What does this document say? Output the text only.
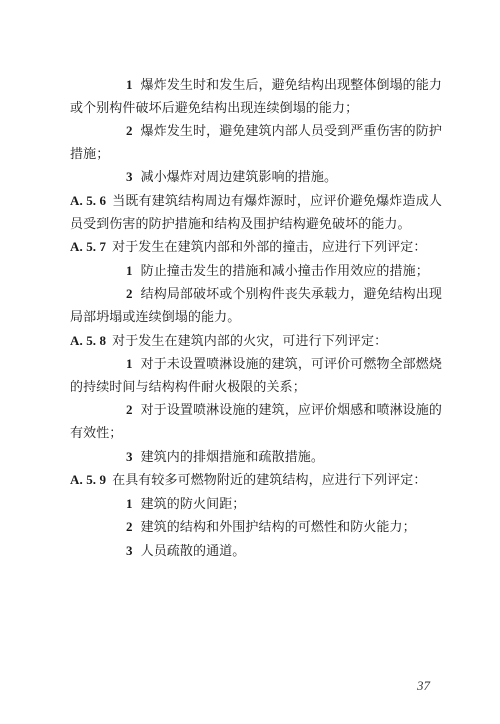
1 爆炸发生时和发生后，避免结构出现整体倒塌的能力或个别构件破坏后避免结构出现连续倒塌的能力；

2 爆炸发生时，避免建筑内部人员受到严重伤害的防护措施；

3 减小爆炸对周边建筑影响的措施。

A. 5. 6 当既有建筑结构周边有爆炸源时，应评价避免爆炸造成人员受到伤害的防护措施和结构及围护结构避免破坏的能力。

A. 5. 7 对于发生在建筑内部和外部的撞击，应进行下列评定：

1 防止撞击发生的措施和减小撞击作用效应的措施；

2 结构局部破坏或个别构件丧失承载力，避免结构出现局部坍塌或连续倒塌的能力。

A. 5. 8 对于发生在建筑内部的火灾，可进行下列评定：

1 对于未设置喷淋设施的建筑，可评价可燃物全部燃烧的持续时间与结构构件耐火极限的关系；

2 对于设置喷淋设施的建筑，应评价烟感和喷淋设施的有效性；

3 建筑内的排烟措施和疏散措施。

A. 5. 9 在具有较多可燃物附近的建筑结构，应进行下列评定：

1 建筑的防火间距；

2 建筑的结构和外围护结构的可燃性和防火能力；

3 人员疏散的通道。

37
